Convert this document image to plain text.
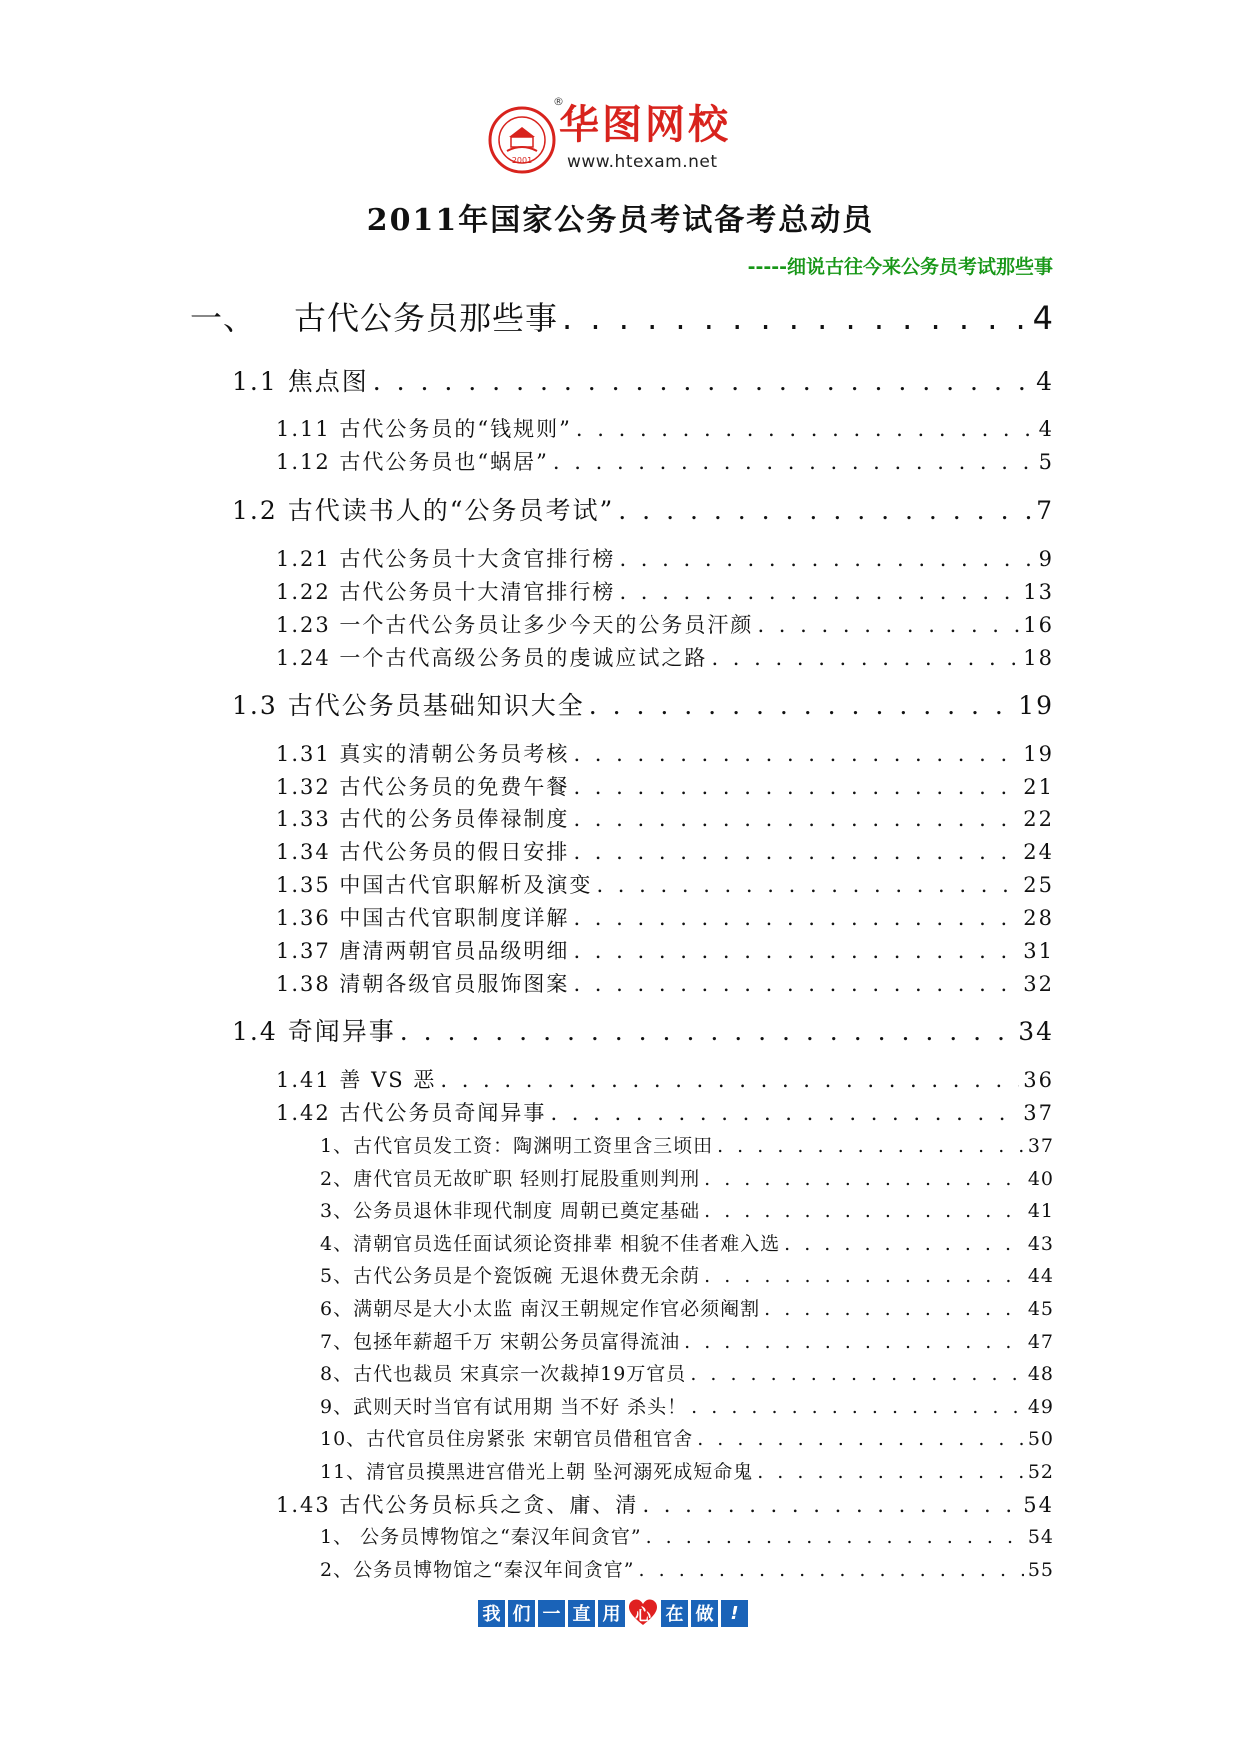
2001
®
华图网校
www.htexam.net
2011年国家公务员考试备考总动员
-----细说古往今来公务员考试那些事
一、 古代公务员那些事 . . .	4
1.1 焦点图 . . .	4
1.11 古代公务员的“钱规则” . . .	4
1.12 古代公务员也“蜗居” . . .	5
1.2 古代读书人的“公务员考试” . . .	7
1.21 古代公务员十大贪官排行榜 . . .	9
1.22 古代公务员十大清官排行榜 . . .	13
1.23 一个古代公务员让多少今天的公务员汗颜 . . .	16
1.24 一个古代高级公务员的虔诚应试之路 . . .	18
1.3 古代公务员基础知识大全 . . .	19
1.31 真实的清朝公务员考核 . . .	19
1.32 古代公务员的免费午餐 . . .	21
1.33 古代的公务员俸禄制度 . . .	22
1.34 古代公务员的假日安排 . . .	24
1.35 中国古代官职解析及演变 . . .	25
1.36 中国古代官职制度详解 . . .	28
1.37 唐清两朝官员品级明细 . . .	31
1.38 清朝各级官员服饰图案 . . .	32
1.4 奇闻异事 . . .	34
1.41 善 VS 恶 . . .	36
1.42 古代公务员奇闻异事 . . .	37
1、古代官员发工资：陶渊明工资里含三顷田 . . .	37
2、唐代官员无故旷职 轻则打屁股重则判刑 . . .	40
3、公务员退休非现代制度 周朝已奠定基础 . . .	41
4、清朝官员选任面试须论资排辈 相貌不佳者难入选 . . .	43
5、古代公务员是个瓷饭碗 无退休费无余荫 . . .	44
6、满朝尽是大小太监 南汉王朝规定作官必须阉割 . . .	45
7、包拯年薪超千万 宋朝公务员富得流油 . . .	47
8、古代也裁员 宋真宗一次裁掉19万官员 . . .	48
9、武则天时当官有试用期 当不好 杀头！ . . .	49
10、古代官员住房紧张 宋朝官员借租官舍 . . .	50
11、清官员摸黑进宫借光上朝 坠河溺死成短命鬼 . . .	52
1.43 古代公务员标兵之贪、庸、清 . . .	54
1、 公务员博物馆之“秦汉年间贪官” . . .	54
2、公务员博物馆之“秦汉年间贪官” . . .	55
我 们 一 直 用 心 在 做 !
